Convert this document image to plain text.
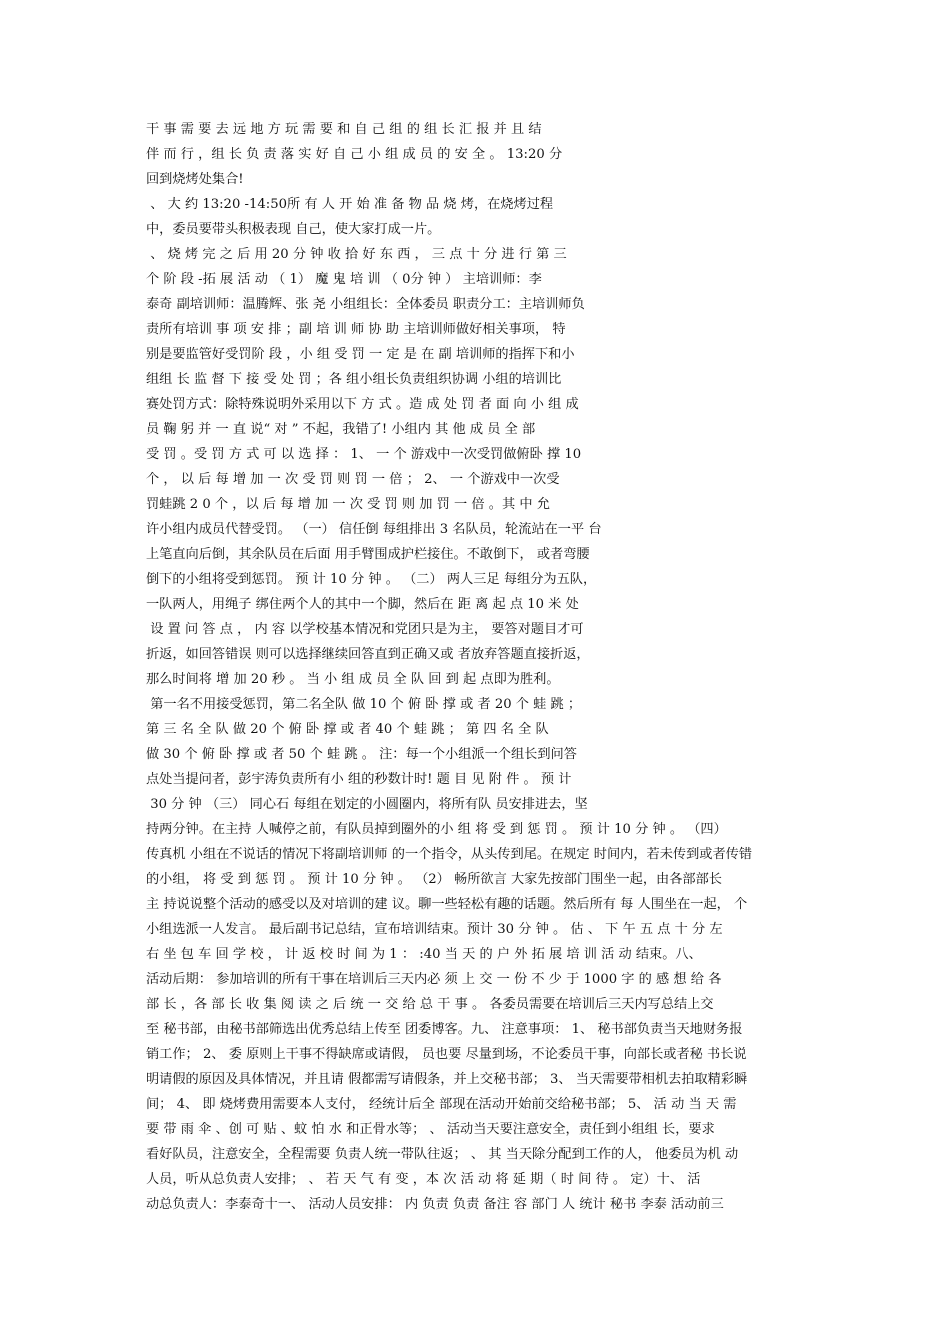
干 事 需 要 去 远 地 方 玩 需 要 和 自 己 组 的 组 长 汇 报 并 且 结
伴 而 行 ，组 长 负 责 落 实 好 自 己 小 组 成 员 的 安 全 。 13:20 分
回到烧烤处集合!
、 大 约 13:20 -14:50所 有 人 开 始 准 备 物 品 烧 烤，在烧烤过程
中，委员要带头积极表现 自己，使大家打成一片。
、 烧 烤 完 之 后 用 20 分 钟 收 拾 好 东 西 ， 三 点 十 分 进 行 第 三
个 阶 段 -拓 展 活 动 （ 1） 魔 鬼 培 训 （ 0分 钟 ） 主培训师：李
泰奇 副培训师：温腾辉、张 尧 小组组长：全体委员 职责分工：主培训师负
责所有培训 事 项 安 排 ；副 培 训 师 协 助 主培训师做好相关事项， 特
别是要监管好受罚阶 段 ，小 组 受 罚 一 定 是 在 副 培训师的指挥下和小
组组 长 监 督 下 接 受 处 罚 ；各 组小组长负责组织协调 小组的培训比
赛处罚方式：除特殊说明外采用以下 方 式 。造 成 处 罚 者 面 向 小 组 成
员 鞠 躬 并 一 直 说“ 对 ” 不起，我错了! 小组内 其 他 成 员 全 部
受 罚 。受 罚 方 式 可 以 选 择 ： 1、 一 个 游戏中一次受罚做俯卧 撑 10
个 ， 以 后 每 增 加 一 次 受 罚 则 罚 一 倍 ； 2、 一 个游戏中一次受
罚蛙跳 2 0 个 ，以 后 每 增 加 一 次 受 罚 则 加 罚 一 倍 。其 中 允
许小组内成员代替受罚。 （一） 信任倒 每组排出 3 名队员，轮流站在一平 台
上笔直向后倒，其余队员在后面 用手臂围成护栏接住。不敢倒下， 或者弯腰
倒下的小组将受到惩罚。 预 计 10 分 钟 。 （二） 两人三足 每组分为五队，
一队两人，用绳子 绑住两个人的其中一个脚，然后在 距 离 起 点 10 米 处
设 置 问 答 点 ， 内 容 以学校基本情况和党团只是为主， 要答对题目才可
折返，如回答错误 则可以选择继续回答直到正确又或 者放弃答题直接折返，
那么时间将 增 加 20 秒 。 当 小 组 成 员 全 队 回 到 起 点即为胜利。
第一名不用接受惩罚，第二名全队 做 10 个 俯 卧 撑 或 者 20 个 蛙 跳 ；
第 三 名 全 队 做 20 个 俯 卧 撑 或 者 40 个 蛙 跳 ； 第 四 名 全 队
做 30 个 俯 卧 撑 或 者 50 个 蛙 跳 。 注：每一个小组派一个组长到问答
点处当提问者，彭宇涛负责所有小 组的秒数计时! 题 目 见 附 件 。 预 计
30 分 钟 （三） 同心石 每组在划定的小圆圈内，将所有队 员安排进去，坚
持两分钟。在主持 人喊停之前，有队员掉到圈外的小 组 将 受 到 惩 罚 。 预 计 10 分 钟 。 （四）
传真机 小组在不说话的情况下将副培训师 的一个指令，从头传到尾。在规定 时间内，若未传到或者传错
的小组， 将 受 到 惩 罚 。 预 计 10 分 钟 。 （2） 畅所欲言 大家先按部门围坐一起，由各部部长
主 持说说整个活动的感受以及对培训的建 议。聊一些轻松有趣的话题。然后所有 每 人围坐在一起， 个
小组选派一人发言。 最后副书记总结，宣布培训结束。预计 30 分 钟 。 估 、 下 午 五 点 十 分 左
右 坐 包 车 回 学 校 ， 计 返 校 时 间 为 1 ： :40 当 天 的 户 外 拓 展 培 训 活 动 结束。八、
活动后期： 参加培训的所有干事在培训后三天内必 须 上 交 一 份 不 少 于 1000 字 的 感 想 给 各
部 长 ，各 部 长 收 集 阅 读 之 后 统 一 交 给 总 干 事 。 各委员需要在培训后三天内写总结上交
至 秘书部，由秘书部筛选出优秀总结上传至 团委博客。九、 注意事项： 1、 秘书部负责当天地财务报
销工作； 2、 委 原则上干事不得缺席或请假， 员也要 尽量到场，不论委员干事，向部长或者秘 书长说
明请假的原因及具体情况，并且请 假都需写请假条，并上交秘书部； 3、 当天需要带相机去拍取精彩瞬
间； 4、 即 烧烤费用需要本人支付， 经统计后全 部现在活动开始前交给秘书部； 5、 活 动 当 天 需
要 带 雨 伞 、创 可 贴 、蚊 怕 水 和正骨水等； 、 活动当天要注意安全，责任到小组组 长，要求
看好队员，注意安全，全程需要 负责人统一带队往返； 、 其 当天除分配到工作的人， 他委员为机 动
人员，听从总负责人安排； 、 若 天 气 有 变 ，本 次 活 动 将 延 期（ 时 间 待 。 定）十、 活
动总负责人：李泰奇十一、 活动人员安排： 内 负责 负责 备注 容 部门 人 统计 秘书 李泰 活动前三
